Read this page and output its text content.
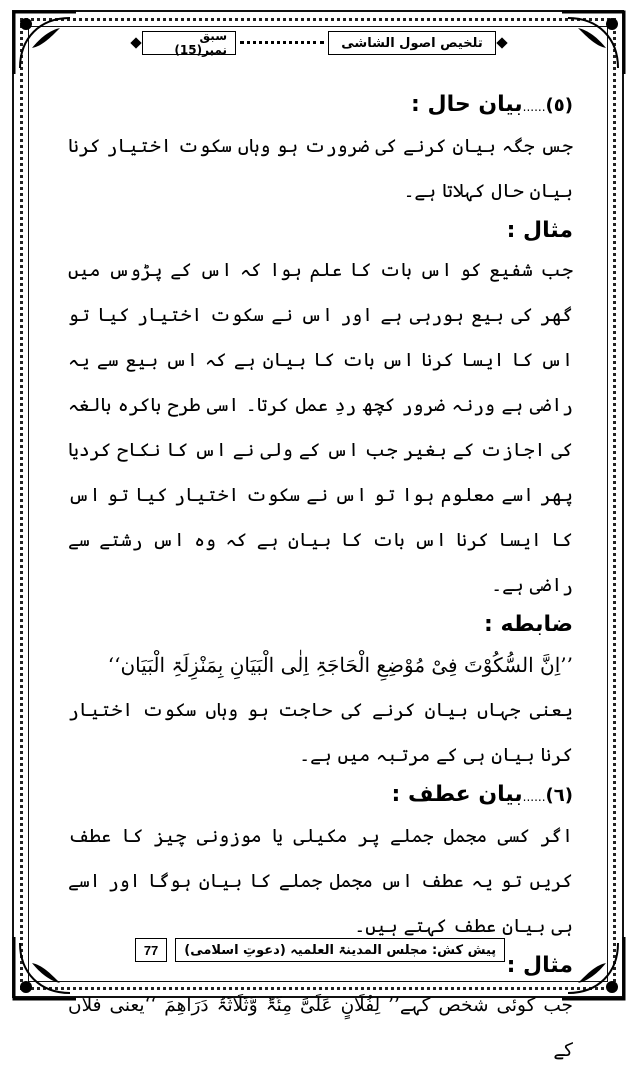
تلخيص اصول الشاشی
سبق نمبر(15)

(٥)......بیان حال :

جس جگہ بیان کرنے کی ضرورت ہو وہاں سکوت اختیار کرنا بیان حال کہلاتا ہے۔

مثال :

جب شفیع کو اس بات کا علم ہوا کہ اس کے پڑوس میں گھر کی بیع ہورہی ہے اور اس نے سکوت اختیار کیا تو اس کا ایسا کرنا اس بات کا بیان ہے کہ اس بیع سے یہ راضی ہے ورنہ ضرور کچھ ردِ عمل کرتا۔ اسی طرح باکرہ بالغہ کی اجازت کے بغیر جب اس کے ولی نے اس کا نکاح کردیا پھر اسے معلوم ہوا تو اس نے سکوت اختیار کیا تو اس کا ایسا کرنا اس بات کا بیان ہے کہ وہ اس رشتے سے راضی ہے۔

ضابطه :

’’اِنَّ السُّکُوْتَ فِیْ مُوْضِعِ الْحَاجَۃِ اِلٰی الْبَیَانِ بِمَنْزِلَۃِ الْبَیَان‘‘

یعنی جہاں بیان کرنے کی حاجت ہو وہاں سکوت اختیار کرنا بیان ہی کے مرتبہ میں ہے۔

(٦)......بیان عطف :

اگر کسی مجمل جملے پر مکیلی یا موزونی چیز کا عطف کریں تو یہ عطف اس مجمل جملے کا بیان ہوگا اور اسے ہی بیان عطف کہتے ہیں۔

مثال :

جب کوئی شخص کہے’’ لِفُلَانٍ عَلَیَّ مِئَۃٌ وَّثَلَاثَۃُ دَرَاھِمَ ‘‘یعنی فلاں کے

پیش کش: مجلس المدینۃ العلمیہ (دعوتِ اسلامی)
77
